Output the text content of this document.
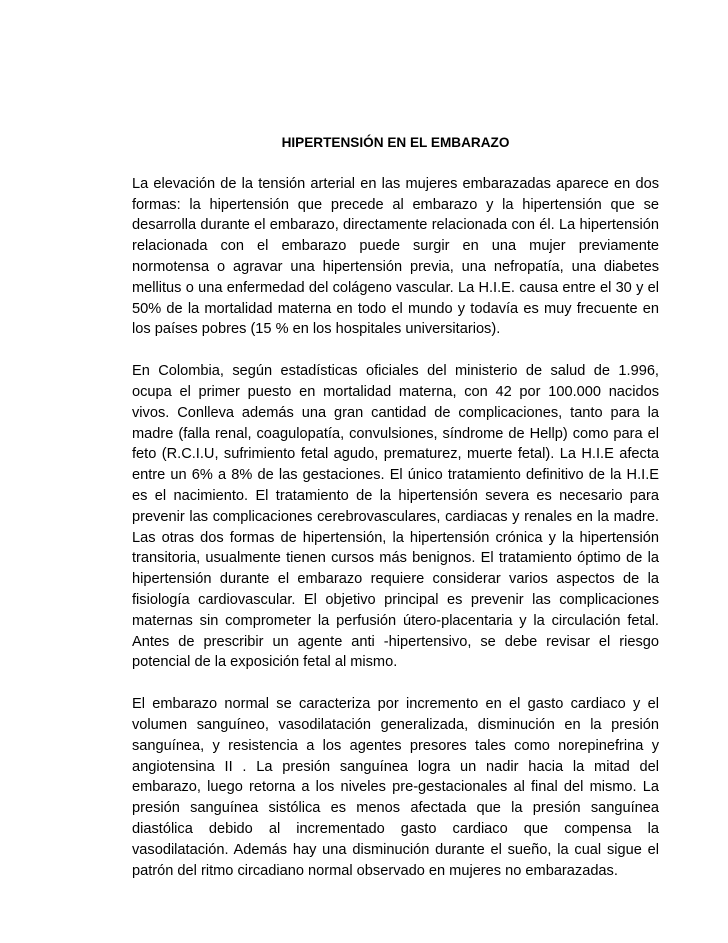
HIPERTENSIÓN EN EL EMBARAZO

La elevación de la tensión arterial en las mujeres embarazadas aparece en dos formas: la hipertensión que precede al embarazo y la hipertensión que se desarrolla durante el embarazo, directamente relacionada con él. La hipertensión relacionada con el embarazo puede surgir en una mujer previamente normotensa o agravar una hipertensión previa, una nefropatía, una diabetes mellitus o una enfermedad del colágeno vascular. La H.I.E. causa entre el 30 y el 50% de la mortalidad materna en todo el mundo y todavía es muy frecuente en los países pobres (15 % en los hospitales universitarios).

En Colombia, según estadísticas oficiales del ministerio de salud de 1.996, ocupa el primer puesto en mortalidad materna, con 42 por 100.000 nacidos vivos. Conlleva además una gran cantidad de complicaciones, tanto para la madre (falla renal, coagulopatía, convulsiones, síndrome de Hellp) como para el feto (R.C.I.U, sufrimiento fetal agudo, prematurez, muerte fetal). La H.I.E afecta entre un 6% a 8% de las gestaciones. El único tratamiento definitivo de la H.I.E es el nacimiento. El tratamiento de la hipertensión severa es necesario para prevenir las complicaciones cerebrovasculares, cardiacas y renales en la madre. Las otras dos formas de hipertensión, la hipertensión crónica y la hipertensión transitoria, usualmente tienen cursos más benignos. El tratamiento óptimo de la hipertensión durante el embarazo requiere considerar varios aspectos de la fisiología cardiovascular. El objetivo principal es prevenir las complicaciones maternas sin comprometer la perfusión útero-placentaria y la circulación fetal. Antes de prescribir un agente anti -hipertensivo, se debe revisar el riesgo potencial de la exposición fetal al mismo.

El embarazo normal se caracteriza por incremento en el gasto cardiaco y el volumen sanguíneo, vasodilatación generalizada, disminución en la presión sanguínea, y resistencia a los agentes presores tales como norepinefrina y angiotensina II . La presión sanguínea logra un nadir hacia la mitad del embarazo, luego retorna a los niveles pre-gestacionales al final del mismo. La presión sanguínea sistólica es menos afectada que la presión sanguínea diastólica debido al incrementado gasto cardiaco que compensa la vasodilatación. Además hay una disminución durante el sueño, la cual sigue el patrón del ritmo circadiano normal observado en mujeres no embarazadas.
